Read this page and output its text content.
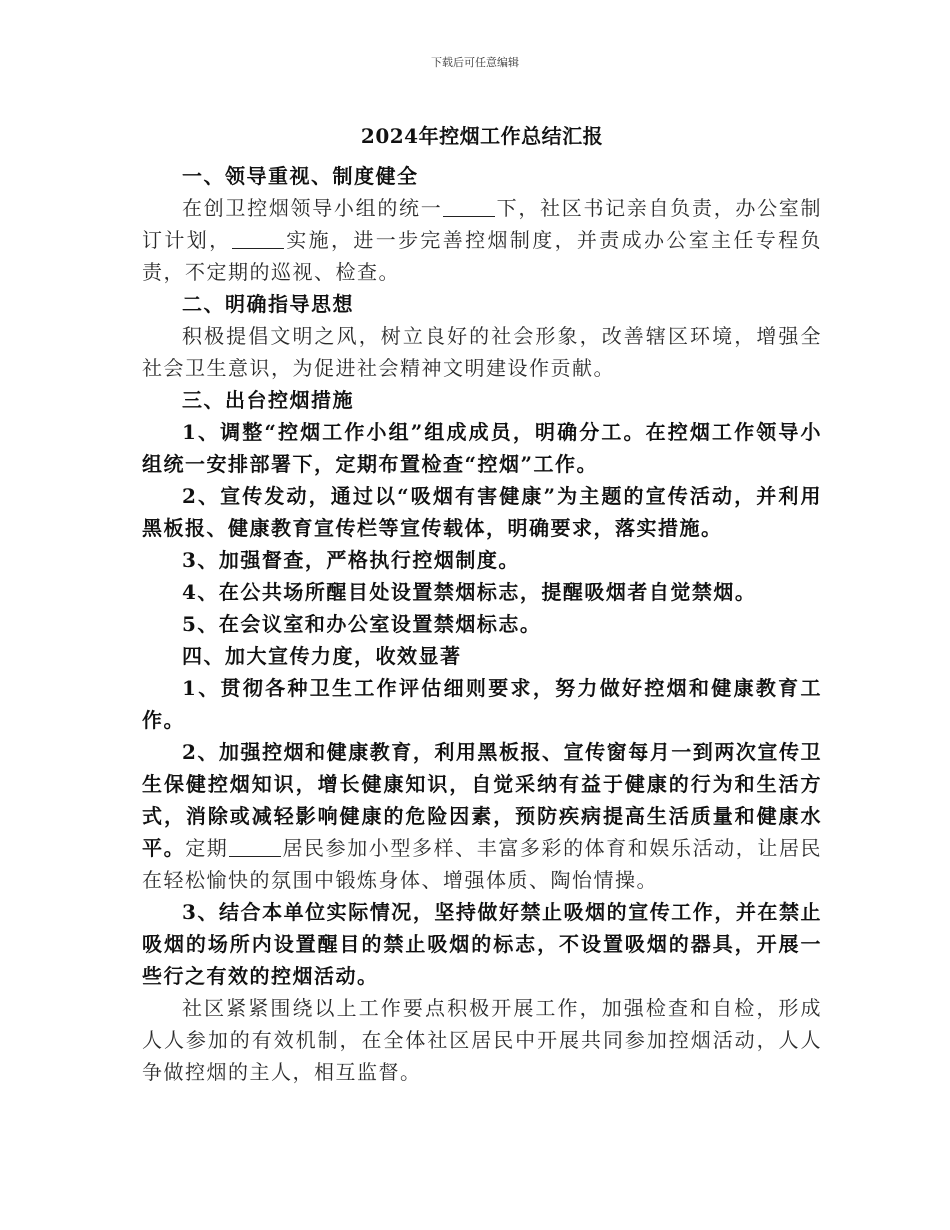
下载后可任意编辑
2024年控烟工作总结汇报

一、领导重视、制度健全

在创卫控烟领导小组的统一	下，社区书记亲自负责，办公室制订计划，	实施，进一步完善控烟制度，并责成办公室主任专程负责，不定期的巡视、检查。

二、明确指导思想

积极提倡文明之风，树立良好的社会形象，改善辖区环境，增强全社会卫生意识，为促进社会精神文明建设作贡献。

三、出台控烟措施

1、调整“控烟工作小组”组成成员，明确分工。在控烟工作领导小组统一安排部署下，定期布置检查“控烟”工作。

2、宣传发动，通过以“吸烟有害健康”为主题的宣传活动，并利用黑板报、健康教育宣传栏等宣传载体，明确要求，落实措施。

3、加强督查，严格执行控烟制度。

4、在公共场所醒目处设置禁烟标志，提醒吸烟者自觉禁烟。

5、在会议室和办公室设置禁烟标志。

四、加大宣传力度，收效显著

1、贯彻各种卫生工作评估细则要求，努力做好控烟和健康教育工作。

2、加强控烟和健康教育，利用黑板报、宣传窗每月一到两次宣传卫生保健控烟知识，增长健康知识，自觉采纳有益于健康的行为和生活方式，消除或减轻影响健康的危险因素，预防疾病提高生活质量和健康水平。定期	居民参加小型多样、丰富多彩的体育和娱乐活动，让居民在轻松愉快的氛围中锻炼身体、增强体质、陶怡情操。

3、结合本单位实际情况，坚持做好禁止吸烟的宣传工作，并在禁止吸烟的场所内设置醒目的禁止吸烟的标志，不设置吸烟的器具，开展一些行之有效的控烟活动。

社区紧紧围绕以上工作要点积极开展工作，加强检查和自检，形成人人参加的有效机制，在全体社区居民中开展共同参加控烟活动，人人争做控烟的主人，相互监督。
